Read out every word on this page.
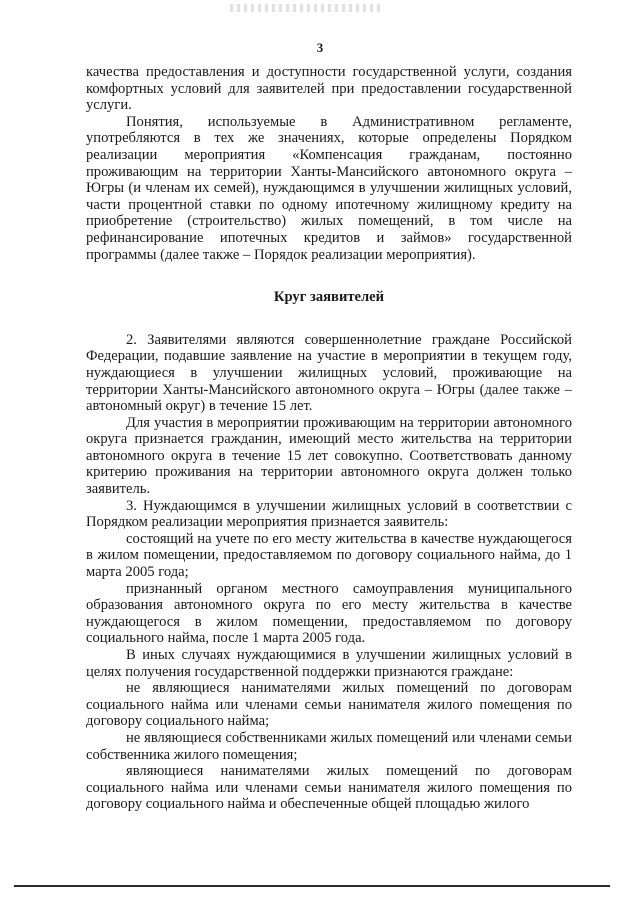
3

качества предоставления и доступности государственной услуги, создания комфортных условий для заявителей при предоставлении государственной услуги.

Понятия, используемые в Административном регламенте, употребляются в тех же значениях, которые определены Порядком реализации мероприятия «Компенсация гражданам, постоянно проживающим на территории Ханты-Мансийского автономного округа – Югры (и членам их семей), нуждающимся в улучшении жилищных условий, части процентной ставки по одному ипотечному жилищному кредиту на приобретение (строительство) жилых помещений, в том числе на рефинансирование ипотечных кредитов и займов» государственной программы (далее также – Порядок реализации мероприятия).

Круг заявителей

2. Заявителями являются совершеннолетние граждане Российской Федерации, подавшие заявление на участие в мероприятии в текущем году, нуждающиеся в улучшении жилищных условий, проживающие на территории Ханты-Мансийского автономного округа – Югры (далее также – автономный округ) в течение 15 лет.

Для участия в мероприятии проживающим на территории автономного округа признается гражданин, имеющий место жительства на территории автономного округа в течение 15 лет совокупно. Соответствовать данному критерию проживания на территории автономного округа должен только заявитель.

3. Нуждающимся в улучшении жилищных условий в соответствии с Порядком реализации мероприятия признается заявитель:

состоящий на учете по его месту жительства в качестве нуждающегося в жилом помещении, предоставляемом по договору социального найма, до 1 марта 2005 года;

признанный органом местного самоуправления муниципального образования автономного округа по его месту жительства в качестве нуждающегося в жилом помещении, предоставляемом по договору социального найма, после 1 марта 2005 года.

В иных случаях нуждающимися в улучшении жилищных условий в целях получения государственной поддержки признаются граждане:

не являющиеся нанимателями жилых помещений по договорам социального найма или членами семьи нанимателя жилого помещения по договору социального найма;

не являющиеся собственниками жилых помещений или членами семьи собственника жилого помещения;

являющиеся нанимателями жилых помещений по договорам социального найма или членами семьи нанимателя жилого помещения по договору социального найма и обеспеченные общей площадью жилого
